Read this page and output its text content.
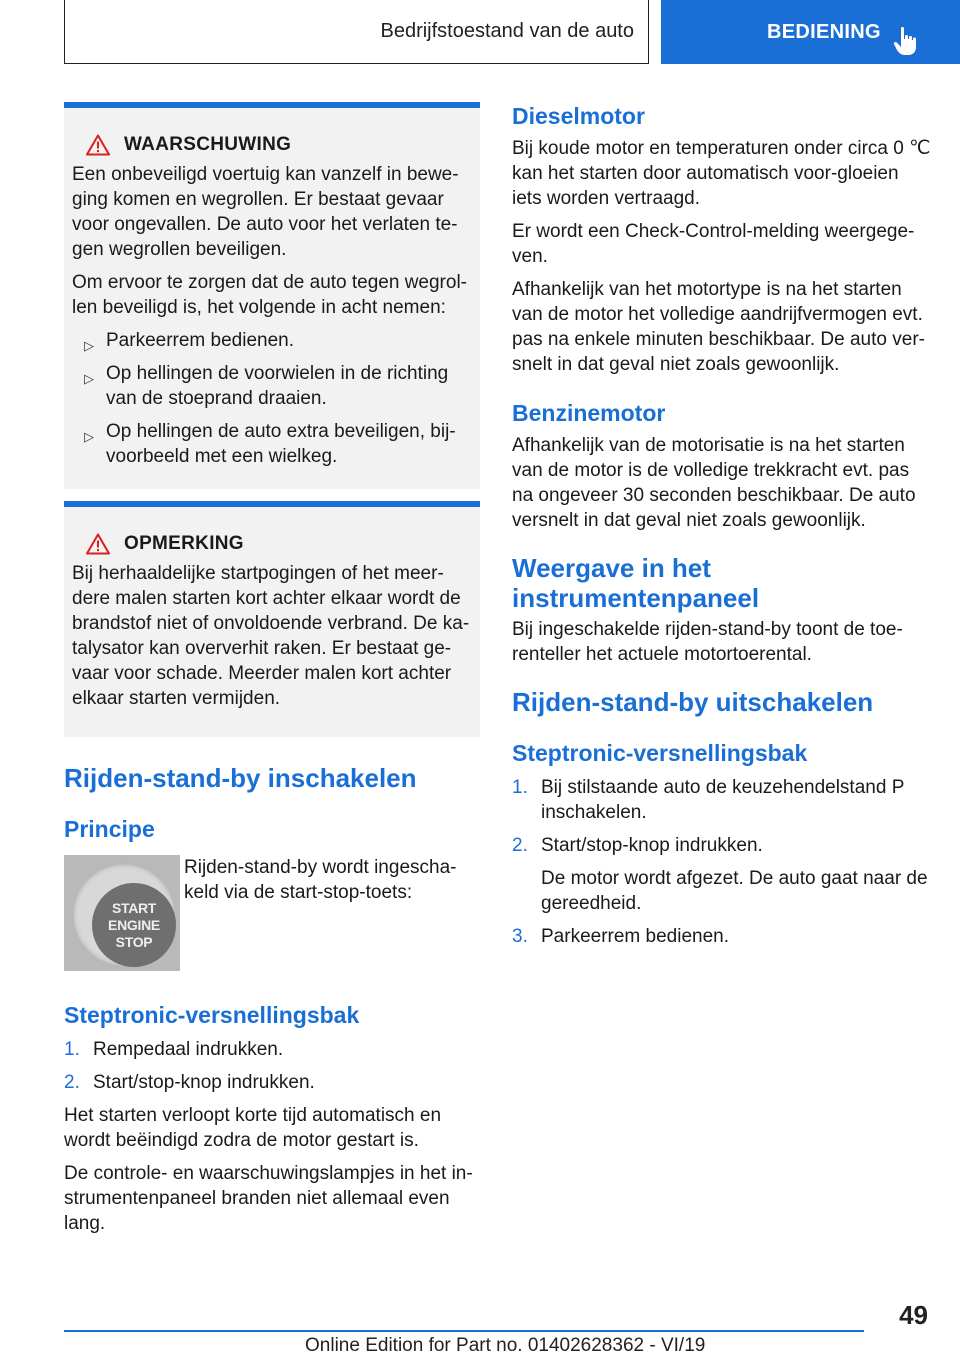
Bedrijfstoestand van de auto	BEDIENING
WAARSCHUWING

Een onbeveiligd voertuig kan vanzelf in bewe-ging komen en wegrollen. Er bestaat gevaar voor ongevallen. De auto voor het verlaten te-gen wegrollen beveiligen.

Om ervoor te zorgen dat de auto tegen wegrol-len beveiligd is, het volgende in acht nemen:

▷ Parkeerrem bedienen.
▷ Op hellingen de voorwielen in de richting van de stoeprand draaien.
▷ Op hellingen de auto extra beveiligen, bij-voorbeeld met een wielkeg.
OPMERKING

Bij herhaaldelijke startpogingen of het meer-dere malen starten kort achter elkaar wordt de brandstof niet of onvoldoende verbrand. De ka-talysator kan oververhit raken. Er bestaat ge-vaar voor schade. Meerder malen kort achter elkaar starten vermijden.

Rijden-stand-by inschakelen
Principe
START
ENGINE
STOP

Rijden-stand-by wordt ingescha-keld via de start-stop-toets:

Steptronic-versnellingsbak
1. Rempedaal indrukken.
2. Start/stop-knop indrukken.

Het starten verloopt korte tijd automatisch en wordt beëindigd zodra de motor gestart is.

De controle- en waarschuwingslampjes in het in-strumentenpaneel branden niet allemaal even lang.

Dieselmotor

Bij koude motor en temperaturen onder circa 0 ℃ kan het starten door automatisch voor-gloeien iets worden vertraagd.

Er wordt een Check-Control-melding weergege-ven.

Afhankelijk van het motortype is na het starten van de motor het volledige aandrijfvermogen evt. pas na enkele minuten beschikbaar. De auto ver-snelt in dat geval niet zoals gewoonlijk.

Benzinemotor

Afhankelijk van de motorisatie is na het starten van de motor is de volledige trekkracht evt. pas na ongeveer 30 seconden beschikbaar. De auto versnelt in dat geval niet zoals gewoonlijk.

Weergave in het
instrumentenpaneel

Bij ingeschakelde rijden-stand-by toont de toe-renteller het actuele motortoerental.

Rijden-stand-by uitschakelen
Steptronic-versnellingsbak
1. Bij stilstaande auto de keuzehendelstand P inschakelen.
2. Start/stop-knop indrukken.
De motor wordt afgezet. De auto gaat naar de gereedheid.
3. Parkeerrem bedienen.
49
Online Edition for Part no. 01402628362 - VI/19
